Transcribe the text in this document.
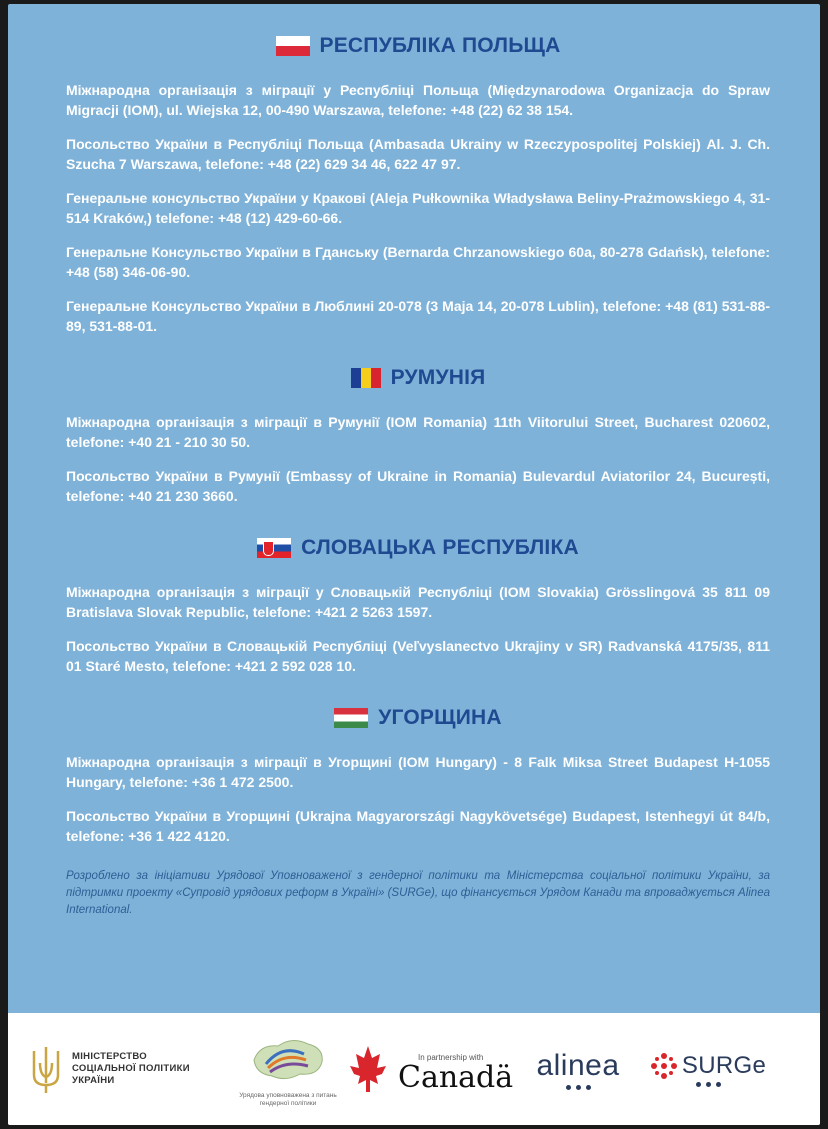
РЕСПУБЛІКА ПОЛЬЩА

Міжнародна організація з міграції у Республіці Польща (Międzynarodowa Organizacja do Spraw Migracji (IOM), ul. Wiejska 12, 00-490 Warszawa, telefone: +48 (22) 62 38 154.

Посольство України в Республіці Польща (Ambasada Ukrainy w Rzeczypospolitej Polskiej) Al. J. Ch. Szucha 7 Warszawa, telefone: +48 (22) 629 34 46, 622 47 97.

Генеральне консульство України у Кракові (Aleja Pułkownika Władysława Beliny-Prażmowskiego 4, 31-514 Kraków,) telefone: +48 (12) 429-60-66.

Генеральне Консульство України в Гданську (Bernarda Chrzanowskiego 60a, 80-278 Gdańsk), telefone: +48 (58) 346-06-90.

Генеральне Консульство України в Люблині 20-078 (3 Maja 14, 20-078 Lublin), telefone: +48 (81) 531-88-89, 531-88-01.

РУМУНІЯ

Міжнародна організація з міграції в Румунії (IOM Romania) 11th Viitorului Street, Bucharest 020602, telefone: +40 21 - 210 30 50.

Посольство України в Румунії (Embassy of Ukraine in Romania) Bulevardul Aviatorilor 24, București, telefone: +40 21 230 3660.

СЛОВАЦЬКА РЕСПУБЛІКА

Міжнародна організація з міграції у Словацькій Республіці (IOM Slovakia) Grösslingová 35 811 09 Bratislava Slovak Republic, telefone: +421 2 5263 1597.

Посольство України в Словацькій Республіці (Veľvyslanectvo Ukrajiny v SR) Radvanská 4175/35, 811 01 Staré Mesto, telefone: +421 2 592 028 10.

УГОРЩИНА

Міжнародна організація з міграції в Угорщині (IOM Hungary) - 8 Falk Miksa Street Budapest H-1055 Hungary, telefone: +36 1 472 2500.

Посольство України в Угорщині (Ukrajna Magyarországi Nagykövetsége) Budapest, Istenhegyi út 84/b, telefone: +36 1 422 4120.

Розроблено за ініціативи Урядової Уповноваженої з гендерної політики та Міністерства соціальної політики України, за підтримки проекту «Супровід урядових реформ в Україні» (SURGe), що фінансується Урядом Канади та впроваджується Alinea International.

МІНІСТЕРСТВО
СОЦІАЛЬНОЇ ПОЛІТИКИ
УКРАЇНИ
Урядова уповноважена з питань гендерної політики
In partnership with
Canadä alinea	SURGe
